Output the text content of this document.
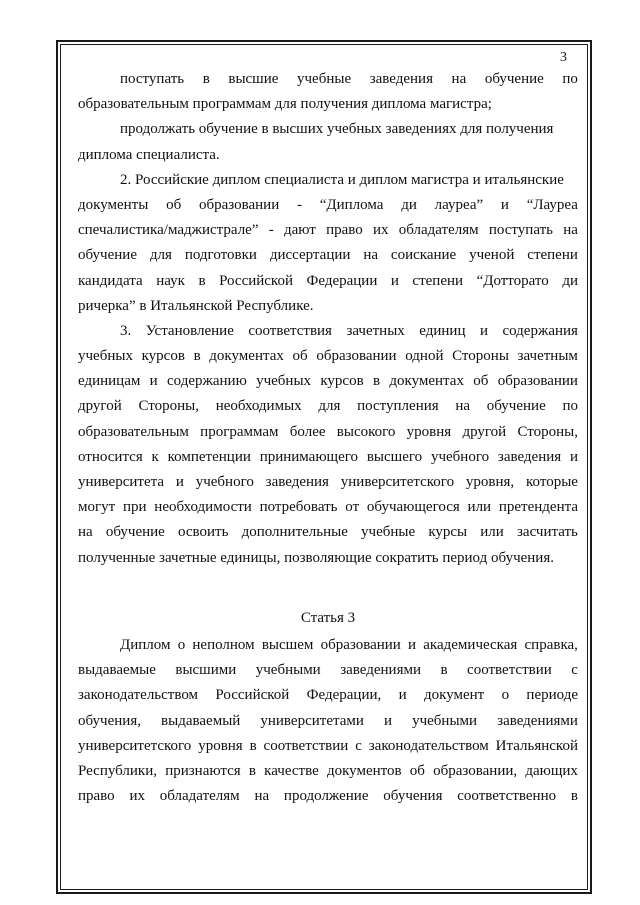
3
поступать в высшие учебные заведения на обучение по
образовательным программам для получения диплома магистра;
продолжать обучение в высших учебных заведениях для получения
диплома специалиста.
2. Российские диплом специалиста и диплом магистра и итальянские
документы об образовании - “Диплома ди лауреа” и “Лауреа
спечалистика/маджистрале” - дают право их обладателям поступать на
обучение для подготовки диссертации на соискание ученой степени
кандидата наук в Российской Федерации и степени “Дотторато ди
ричерка” в Итальянской Республике.
3. Установление соответствия зачетных единиц и содержания
учебных курсов в документах об образовании одной Стороны зачетным
единицам и содержанию учебных курсов в документах об образовании
другой Стороны, необходимых для поступления на обучение по
образовательным программам более высокого уровня другой Стороны,
относится к компетенции принимающего высшего учебного заведения и
университета и учебного заведения университетского уровня, которые
могут при необходимости потребовать от обучающегося или претендента
на обучение освоить дополнительные учебные курсы или засчитать
полученные зачетные единицы, позволяющие сократить период обучения.
Статья 3
Диплом о неполном высшем образовании и академическая справка,
выдаваемые высшими учебными заведениями в соответствии с
законодательством Российской Федерации, и документ о периоде
обучения, выдаваемый университетами и учебными заведениями
университетского уровня в соответствии с законодательством Итальянской
Республики, признаются в качестве документов об образовании, дающих
право их обладателям на продолжение обучения соответственно в
